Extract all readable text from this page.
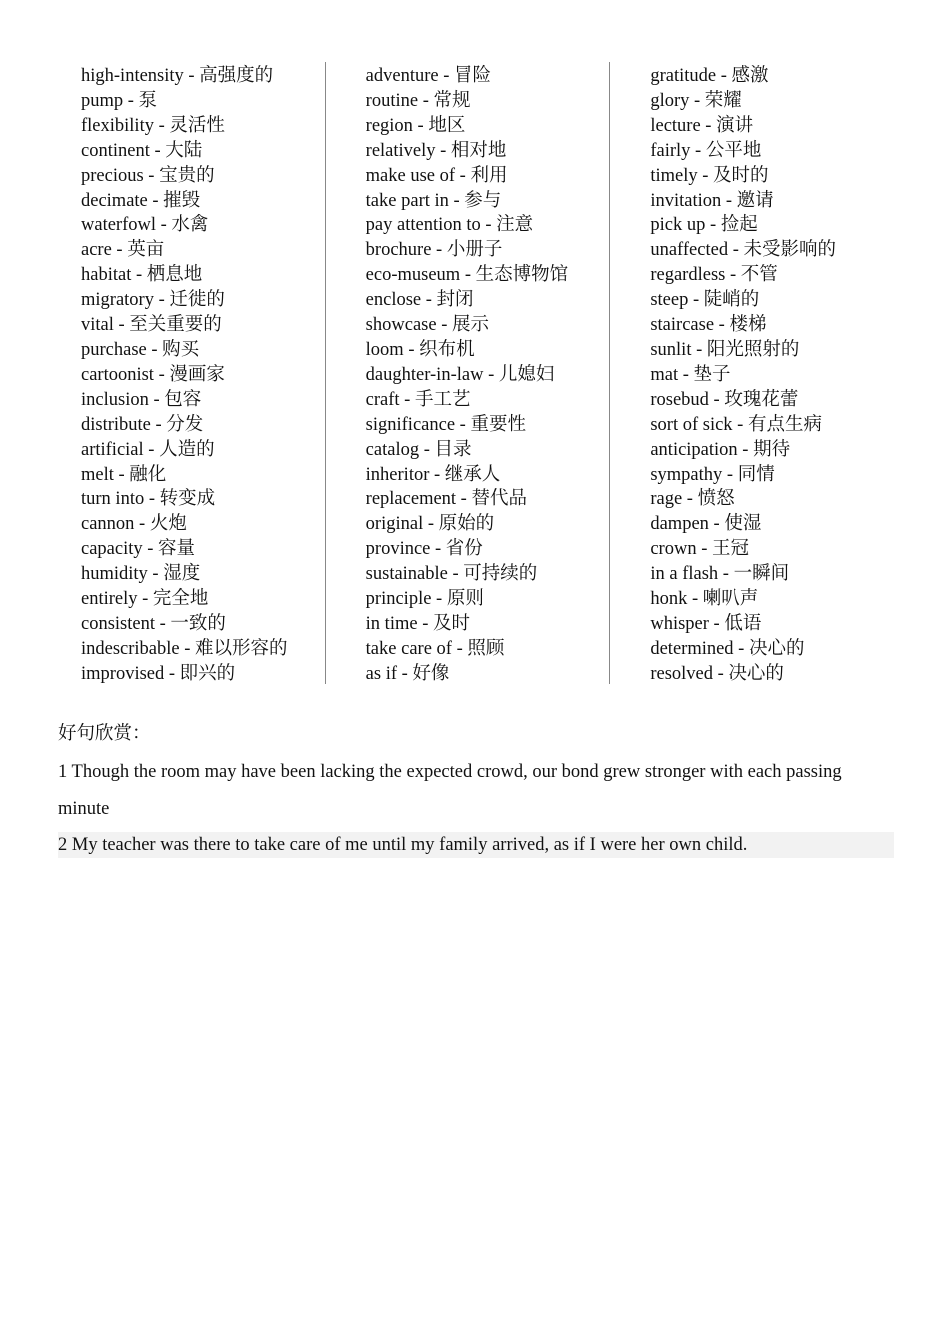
high-intensity - 高强度的
pump - 泵
flexibility - 灵活性
continent - 大陆
precious - 宝贵的
decimate - 摧毁
waterfowl - 水禽
acre - 英亩
habitat - 栖息地
migratory - 迁徙的
vital - 至关重要的
purchase - 购买
cartoonist - 漫画家
inclusion - 包容
distribute - 分发
artificial - 人造的
melt - 融化
turn into - 转变成
cannon - 火炮
capacity - 容量
humidity - 湿度
entirely - 完全地
consistent - 一致的
indescribable - 难以形容的
improvised - 即兴的
adventure - 冒险
routine - 常规
region - 地区
relatively - 相对地
make use of - 利用
take part in - 参与
pay attention to - 注意
brochure - 小册子
eco-museum - 生态博物馆
enclose - 封闭
showcase - 展示
loom - 织布机
daughter-in-law - 儿媳妇
craft - 手工艺
significance - 重要性
catalog - 目录
inheritor - 继承人
replacement - 替代品
original - 原始的
province - 省份
sustainable - 可持续的
principle - 原则
in time - 及时
take care of - 照顾
as if - 好像
gratitude - 感激
glory - 荣耀
lecture - 演讲
fairly - 公平地
timely - 及时的
invitation - 邀请
pick up - 捡起
unaffected - 未受影响的
regardless - 不管
steep - 陡峭的
staircase - 楼梯
sunlit - 阳光照射的
mat - 垫子
rosebud - 玫瑰花蕾
sort of sick - 有点生病
anticipation - 期待
sympathy - 同情
rage - 愤怒
dampen - 使湿
crown - 王冠
in a flash - 一瞬间
honk - 喇叭声
whisper - 低语
determined - 决心的
resolved - 决心的
好句欣赏：
1 Though the room may have been lacking the expected crowd, our bond grew stronger with each passing minute
2 My teacher was there to take care of me until my family arrived, as if I were her own child.
